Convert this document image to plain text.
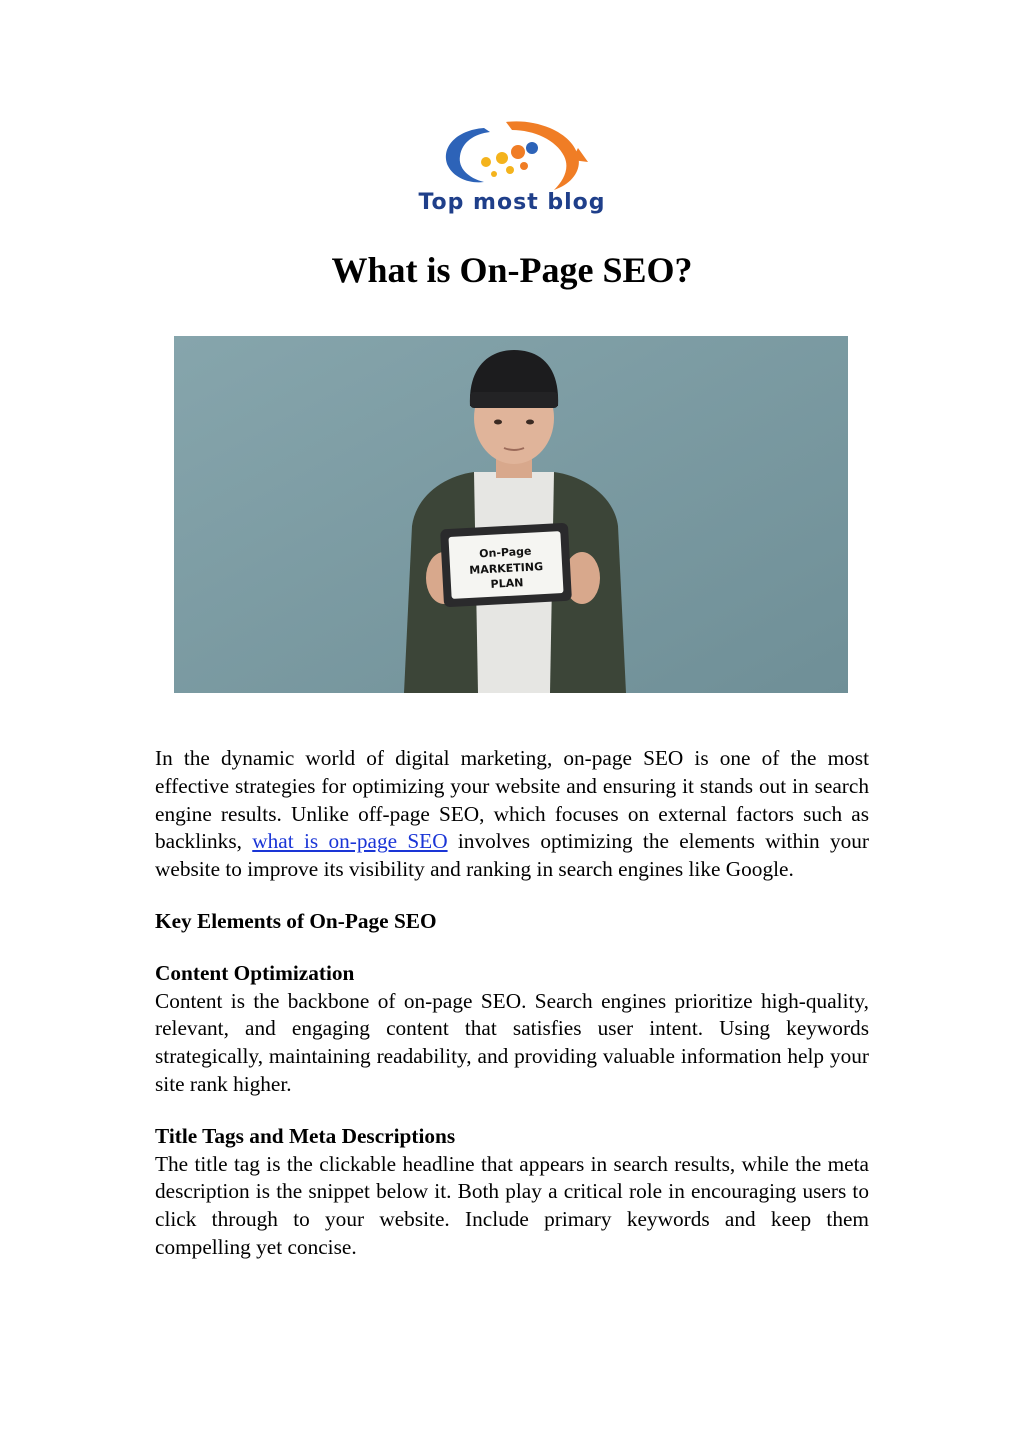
Top most blog
What is On-Page SEO?
On-Page
MARKETING
PLAN

In the dynamic world of digital marketing, on-page SEO is one of the most effective strategies for optimizing your website and ensuring it stands out in search engine results. Unlike off-page SEO, which focuses on external factors such as backlinks, what is on-page SEO involves optimizing the elements within your website to improve its visibility and ranking in search engines like Google.

Key Elements of On-Page SEO
Content Optimization

Content is the backbone of on-page SEO. Search engines prioritize high-quality, relevant, and engaging content that satisfies user intent. Using keywords strategically, maintaining readability, and providing valuable information help your site rank higher.

Title Tags and Meta Descriptions

The title tag is the clickable headline that appears in search results, while the meta description is the snippet below it. Both play a critical role in encouraging users to click through to your website. Include primary keywords and keep them compelling yet concise.
